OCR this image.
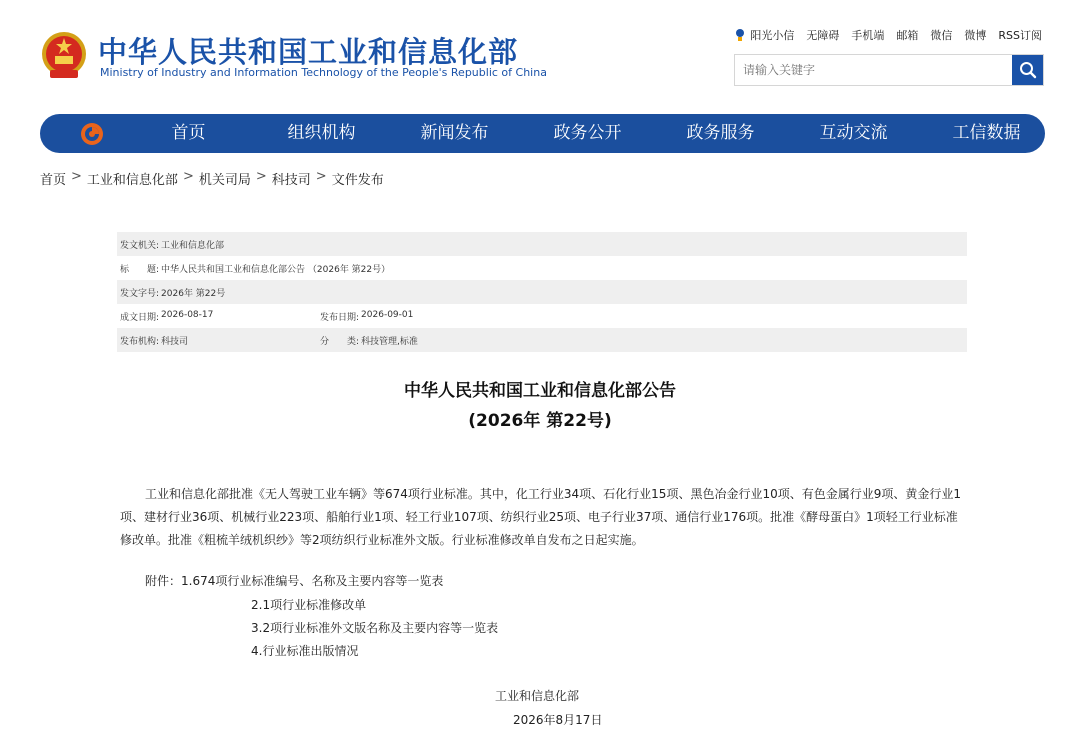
中华人民共和国工业和信息化部
Ministry of Industry and Information Technology of the People's Republic of China
阳光小信 无障碍 手机端 邮箱 微信 微博 RSS订阅
请输入关键字
首页	组织机构	新闻发布	政务公开	政务服务	互动交流	工信数据
首页 > 工业和信息化部 > 机关司局 > 科技司 > 文件发布
发文机关: 工业和信息化部
标　　题: 中华人民共和国工业和信息化部公告 （2026年 第22号）
发文字号: 2026年 第22号
成文日期: 2026-08-17	发布日期: 2026-09-01
发布机构: 科技司	分　　类: 科技管理,标准
中华人民共和国工业和信息化部公告
(2026年 第22号)
工业和信息化部批准《无人驾驶工业车辆》等674项行业标准。其中，化工行业34项、石化行业15项、黑色冶金行业10项、有色金属行业9项、黄金行业1项、建材行业36项、机械行业223项、船舶行业1项、轻工行业107项、纺织行业25项、电子行业37项、通信行业176项。批准《酵母蛋白》1项轻工行业标准修改单。批准《粗梳羊绒机织纱》等2项纺织行业标准外文版。行业标准修改单自发布之日起实施。
附件：1.674项行业标准编号、名称及主要内容等一览表
2.1项行业标准修改单
3.2项行业标准外文版名称及主要内容等一览表
4.行业标准出版情况
工业和信息化部
2026年8月17日
